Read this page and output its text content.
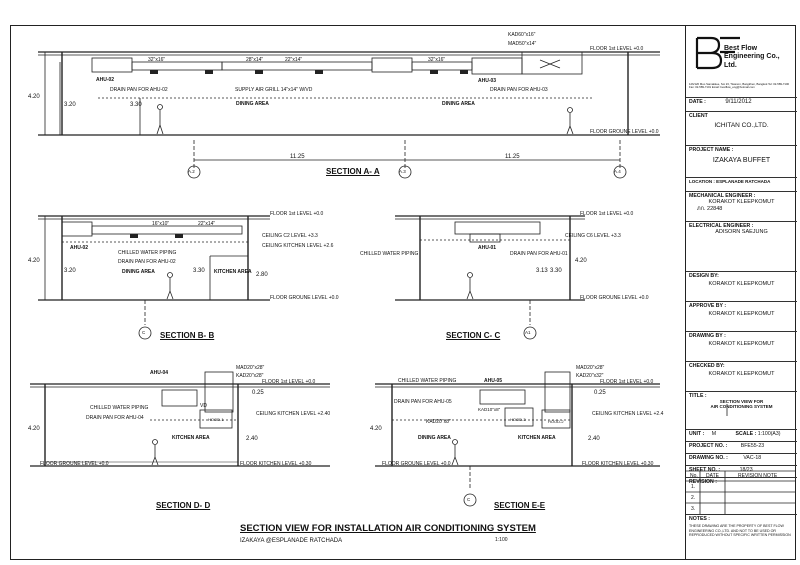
AHU-02
DRAIN PAN FOR AHU-02	SUPPLY AIR GRILL 14"x14" W/VD
DINING AREA	DINING AREA
AHU-03
DRAIN PAN FOR AHU-03
KAD60"x16"
MAD50"x14"
32"x16"	28"x14"	22"x14"	32"x16"
FLOOR 1st LEVEL +0.0
FLOOR GROUNE LEVEL +0.0
4.20
3.20	3.30
11.25	11.25
A.2	A.3	A.4
SECTION A- A
AHU-02
CHILLED WATER PIPING
DRAIN PAN FOR AHU-02
DINING AREA	KITCHEN AREA
16"x10"	22"x14"
FLOOR 1st LEVEL +0.0
CEILING C2 LEVEL +3.3
CEILING KITCHEN LEVEL +2.6
FLOOR GROUNE LEVEL +0.0
4.20
3.20	3.30
2.80
C SECTION B- B
CHILLED WATER PIPING
AHU-01
DRAIN PAN FOR AHU-01
FLOOR 1st LEVEL +0.0
CEILING C6 LEVEL +3.3
FLOOR GROUNE LEVEL +0.0
4.20
3.13 3.30
A1
SECTION C- C
AHU-04
CHILLED WATER PIPING
DRAIN PAN FOR AHU-04
KITCHEN AREA
VD
HOOD-1
MAD20"x28"
KAD20"x28"
FLOOR 1st LEVEL +0.0
CEILING KITCHEN LEVEL +2.40
FLOOR GROUNE LEVEL +0.0	FLOOR KITCHEN LEVEL +0.30
4.20
2.40
0.25
SECTION D- D
CHILLED WATER PIPING	AHU-05
DRAIN PAN FOR AHU-05
KAD10"x8"
KAD20"x8"
DINING AREA	KITCHEN AREA
HOOD-3	HOOD-2
MAD20"x28"
KAD20"x32"
FLOOR 1st LEVEL +0.0
CEILING KITCHEN LEVEL +2.4
FLOOR GROUNE LEVEL +0.0	FLOOR KITCHEN LEVEL +0.30
4.20
2.40
0.25
C
SECTION E-E
SECTION VIEW FOR INSTALLATION AIR CONDITIONING SYSTEM
IZAKAYA @ESPLANADE RATCHADA	1:100
Best Flow Engineering Co., Ltd.
126/120 Moo Samakkee, Soi 23, Tiwanon, Bangkhen, Bangkok Tel: 02-589-7100 Fax: 02-589-7101 Email: bestflow_eng@hotmail.com
DATE :	9/11/2012
CLIENT
ICHITAN CO.,LTD.
PROJECT NAME :
IZAKAYA BUFFET
LOCATION : ESPLANADE RATCHADA
MECHANICAL ENGINEER :
KORAKOT KLEEPKOMUT
ภก. 22848
ELECTRICAL ENGINEER :
ADISORN SAEJUNG
DESIGN BY:
KORAKOT KLEEPKOMUT
APPROVE BY :
KORAKOT KLEEPKOMUT
DRAWING BY :
KORAKOT KLEEPKOMUT
CHECKED BY:
KORAKOT KLEEPKOMUT
TITLE :
SECTION VIEW FOR
AIR CONDITIONING SYSTEM
UNIT : M	SCALE : 1:100(A3)
PROJECT NO. :	BFE55-23
DRAWING NO. :	VAC-18
SHEET NO. :	18/23
REVISION :
No. DATE	REVISION NOTE
1.
2.
3.
NOTES :
THESE DRAWING ARE THE PROPERTY OF BEST FLOW ENGINEERING CO.,LTD. AND NOT TO BE USED OR REPRODUCED WITHOUT SPECIFIC WRITTEN PERMISSION
